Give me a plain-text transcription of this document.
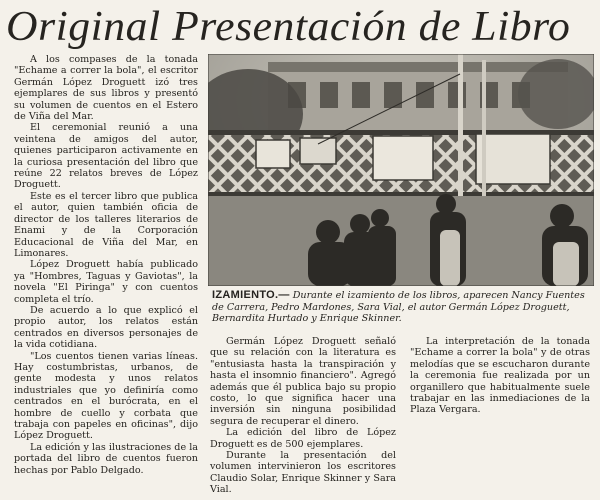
Original Presentación de Libro

A los compases de la tonada "Echame a correr la bola", el escritor Germán López Droguett izó tres ejemplares de sus libros y presentó su volumen de cuentos en el Estero de Viña del Mar.

El ceremonial reunió a una veintena de amigos del autor, quienes participaron activamente en la curiosa presentación del libro que reúne 22 relatos breves de López Droguett.

Este es el tercer libro que publica el autor, quien también oficia de director de los talleres literarios de Enami y de la Corporación Educacional de Viña del Mar, en Limonares.

López Droguett había publicado ya "Hombres, Taguas y Gaviotas", la novela "El Piringa" y con cuentos completa el trío.

De acuerdo a lo que explicó el propio autor, los relatos están centrados en diversos personajes de la vida cotidiana.

"Los cuentos tienen varias líneas. Hay costumbristas, urbanos, de gente modesta y unos relatos industriales que yo definiría como centrados en el burócrata, en el hombre de cuello y corbata que trabaja con papeles en oficinas", dijo López Droguett.

La edición y las ilustraciones de la portada del libro de cuentos fueron hechas por Pablo Delgado.

IZAMIENTO.— Durante el izamiento de los libros, aparecen Nancy Fuentes de Carrera, Pedro Mardones, Sara Vial, el autor Germán López Droguett, Bernardita Hurtado y Enrique Skinner.

Germán López Droguett señaló que su relación con la literatura es "entusiasta hasta la transpiración y hasta el insomnio financiero". Agregó además que él publica bajo su propio costo, lo que significa hacer una inversión sin ninguna posibilidad segura de recuperar el dinero.

La edición del libro de López Droguett es de 500 ejemplares.

Durante la presentación del volumen intervinieron los escritores Claudio Solar, Enrique Skinner y Sara Vial.

La interpretación de la tonada "Echame a correr la bola" y de otras melodías que se escucharon durante la ceremonia fue realizada por un organillero que habitualmente suele trabajar en las inmediaciones de la Plaza Vergara.
